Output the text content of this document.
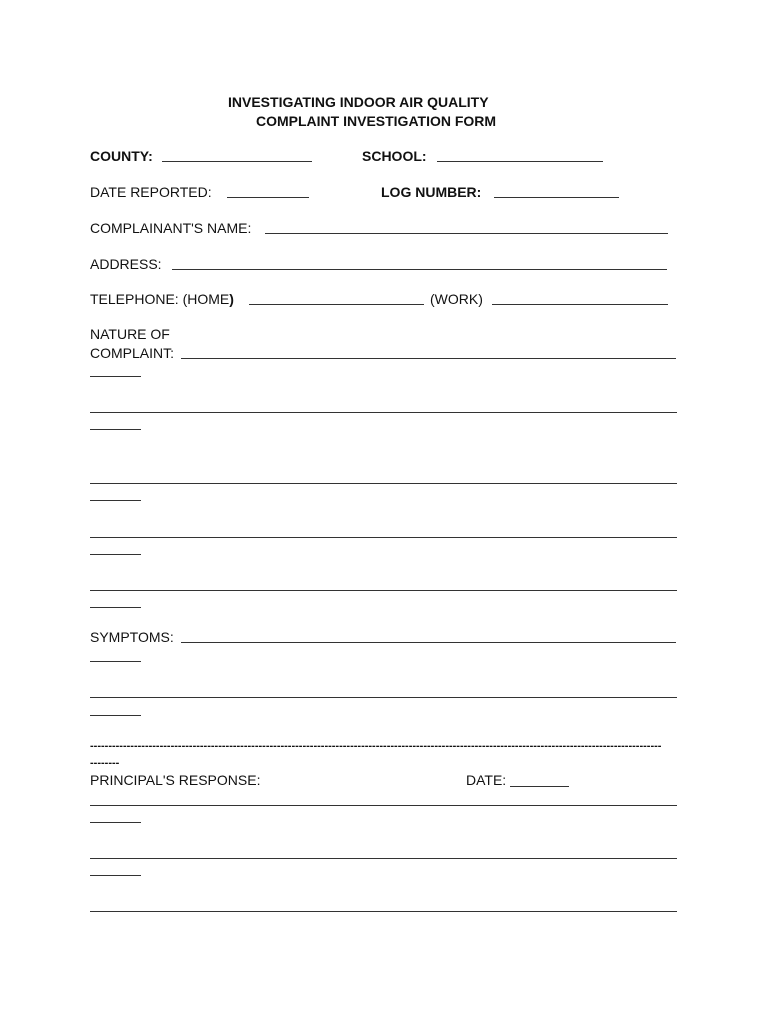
INVESTIGATING INDOOR AIR QUALITY
COMPLAINT INVESTIGATION FORM
COUNTY:	SCHOOL:
DATE REPORTED:	LOG NUMBER:
COMPLAINANT'S NAME:
ADDRESS:
TELEPHONE: (HOME)	(WORK)
NATURE OF
COMPLAINT:
SYMPTOMS:
------------------------------------------------------------------------------------------------------------------------------------------------------------
--------
PRINCIPAL'S RESPONSE:	DATE:
